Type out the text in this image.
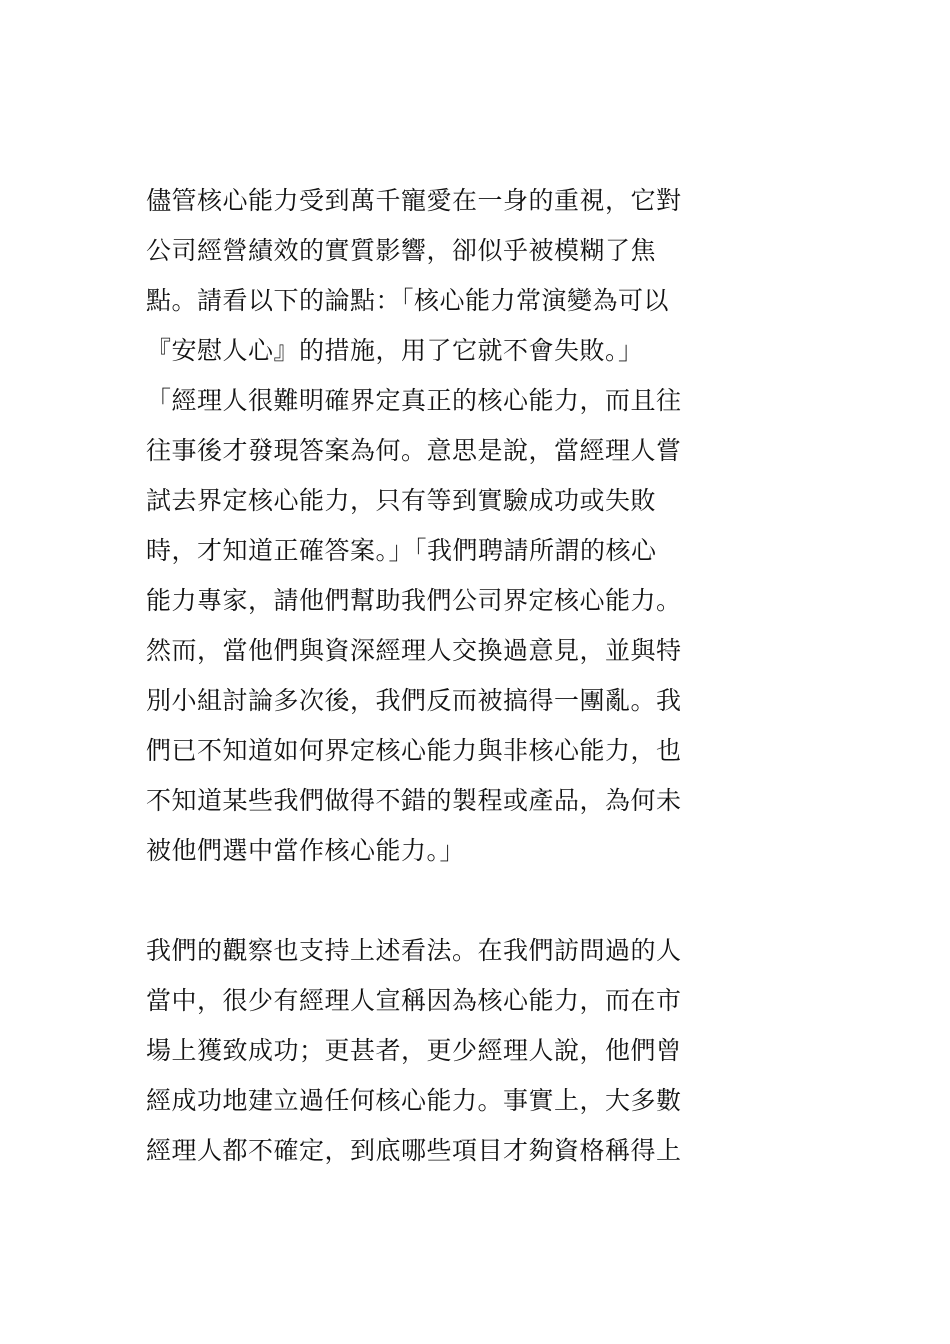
儘管核心能力受到萬千寵愛在一身的重視，它對
公司經營績效的實質影響，卻似乎被模糊了焦
點。請看以下的論點：「核心能力常演變為可以
『安慰人心』的措施，用了它就不會失敗。」
「經理人很難明確界定真正的核心能力，而且往
往事後才發現答案為何。意思是說，當經理人嘗
試去界定核心能力，只有等到實驗成功或失敗
時，才知道正確答案。」「我們聘請所謂的核心
能力專家，請他們幫助我們公司界定核心能力。
然而，當他們與資深經理人交換過意見，並與特
別小組討論多次後，我們反而被搞得一團亂。我
們已不知道如何界定核心能力與非核心能力，也
不知道某些我們做得不錯的製程或產品，為何未
被他們選中當作核心能力。」
我們的觀察也支持上述看法。在我們訪問過的人
當中，很少有經理人宣稱因為核心能力，而在市
場上獲致成功；更甚者，更少經理人說，他們曾
經成功地建立過任何核心能力。事實上，大多數
經理人都不確定，到底哪些項目才夠資格稱得上
